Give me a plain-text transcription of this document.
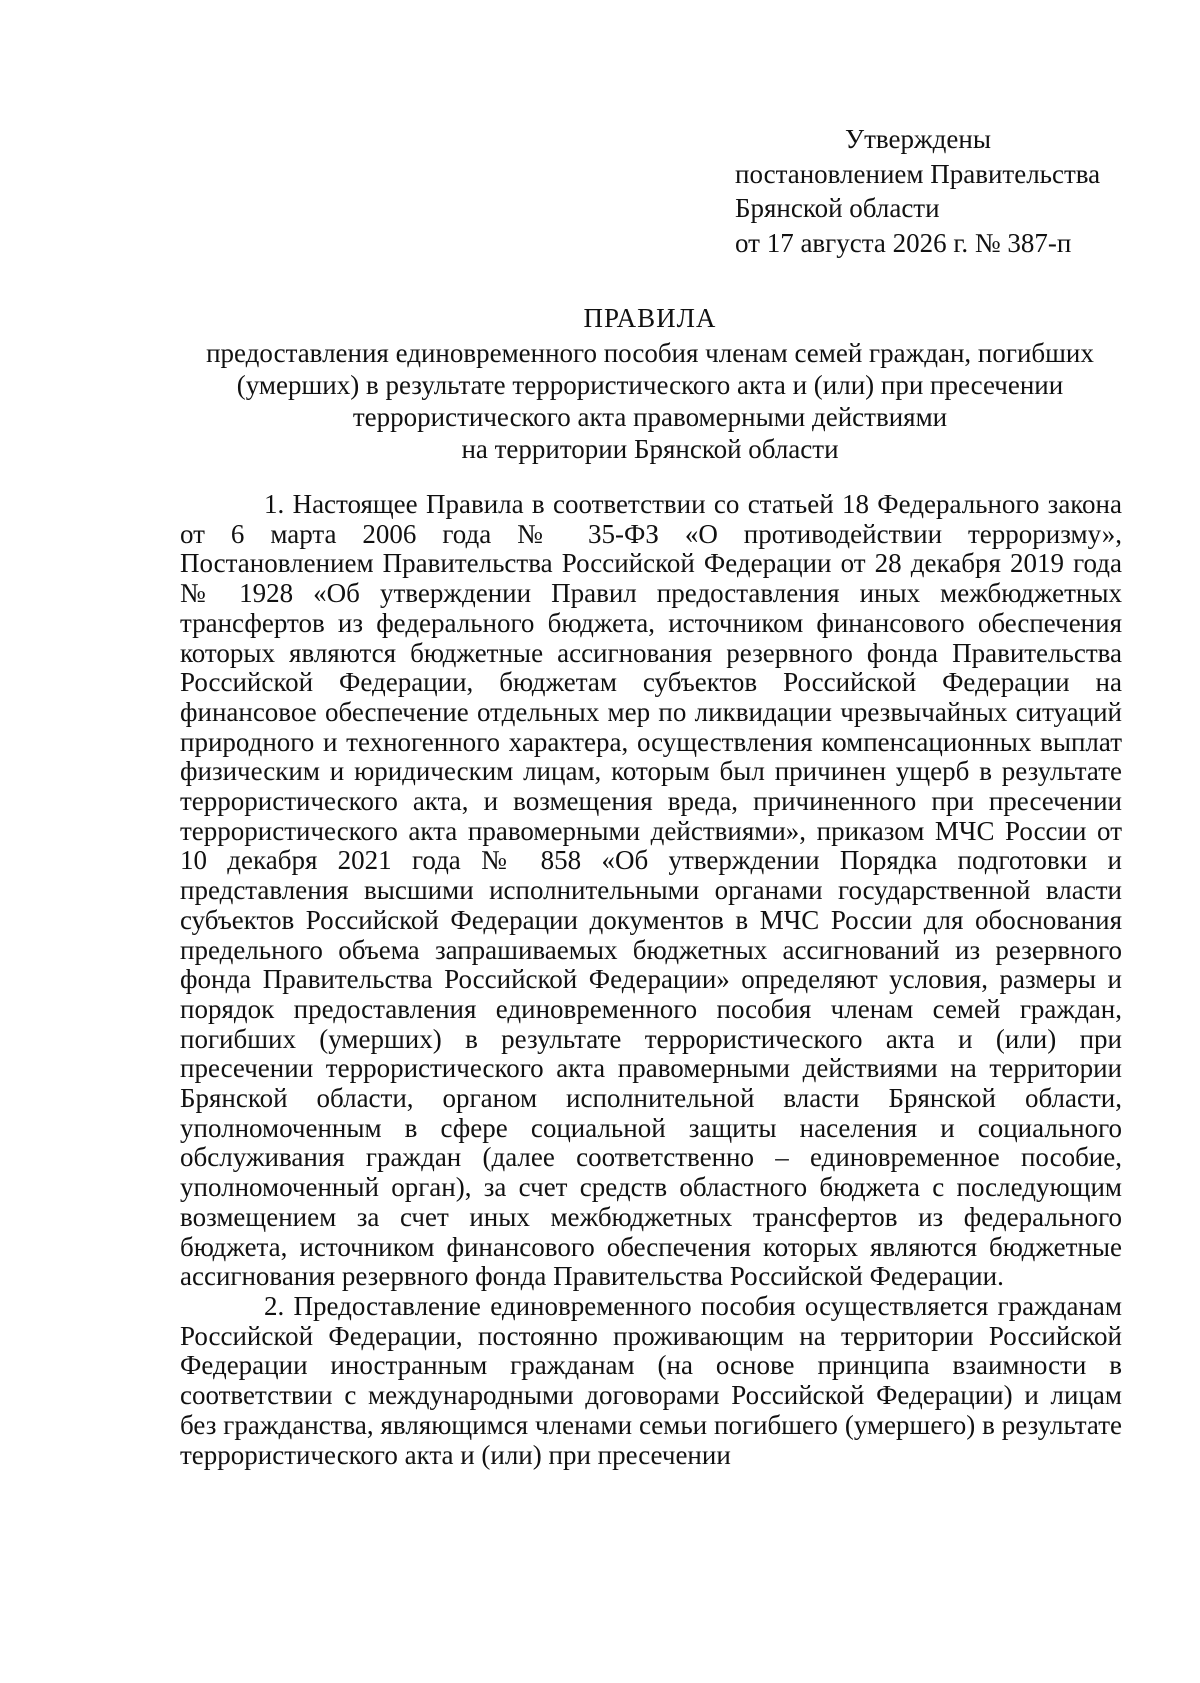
Утверждены
постановлением Правительства
Брянской области
от 17 августа 2026 г. № 387-п
ПРАВИЛА
предоставления единовременного пособия членам семей граждан, погибших
(умерших) в результате террористического акта и (или) при пресечении
террористического акта правомерными действиями
на территории Брянской области

1. Настоящее Правила в соответствии со статьей 18 Федерального закона от 6 марта 2006 года № 35-ФЗ «О противодействии терроризму», Постановлением Правительства Российской Федерации от 28 декабря 2019 года № 1928 «Об утверждении Правил предоставления иных межбюджетных трансфертов из федерального бюджета, источником финансового обеспечения которых являются бюджетные ассигнования резервного фонда Правительства Российской Федерации, бюджетам субъектов Российской Федерации на финансовое обеспечение отдельных мер по ликвидации чрезвычайных ситуаций природного и техногенного характера, осуществления компенсационных выплат физическим и юридическим лицам, которым был причинен ущерб в результате террористического акта, и возмещения вреда, причиненного при пресечении террористического акта правомерными действиями», приказом МЧС России от 10 декабря 2021 года № 858 «Об утверждении Порядка подготовки и представления высшими исполнительными органами государственной власти субъектов Российской Федерации документов в МЧС России для обоснования предельного объема запрашиваемых бюджетных ассигнований из резервного фонда Правительства Российской Федерации» определяют условия, размеры и порядок предоставления единовременного пособия членам семей граждан, погибших (умерших) в результате террористического акта и (или) при пресечении террористического акта правомерными действиями на территории Брянской области, органом исполнительной власти Брянской области, уполномоченным в сфере социальной защиты населения и социального обслуживания граждан (далее соответственно – единовременное пособие, уполномоченный орган), за счет средств областного бюджета с последующим возмещением за счет иных межбюджетных трансфертов из федерального бюджета, источником финансового обеспечения которых являются бюджетные ассигнования резервного фонда Правительства Российской Федерации.

2. Предоставление единовременного пособия осуществляется гражданам Российской Федерации, постоянно проживающим на территории Российской Федерации иностранным гражданам (на основе принципа взаимности в соответствии с международными договорами Российской Федерации) и лицам без гражданства, являющимся членами семьи погибшего (умершего) в результате террористического акта и (или) при пресечении
